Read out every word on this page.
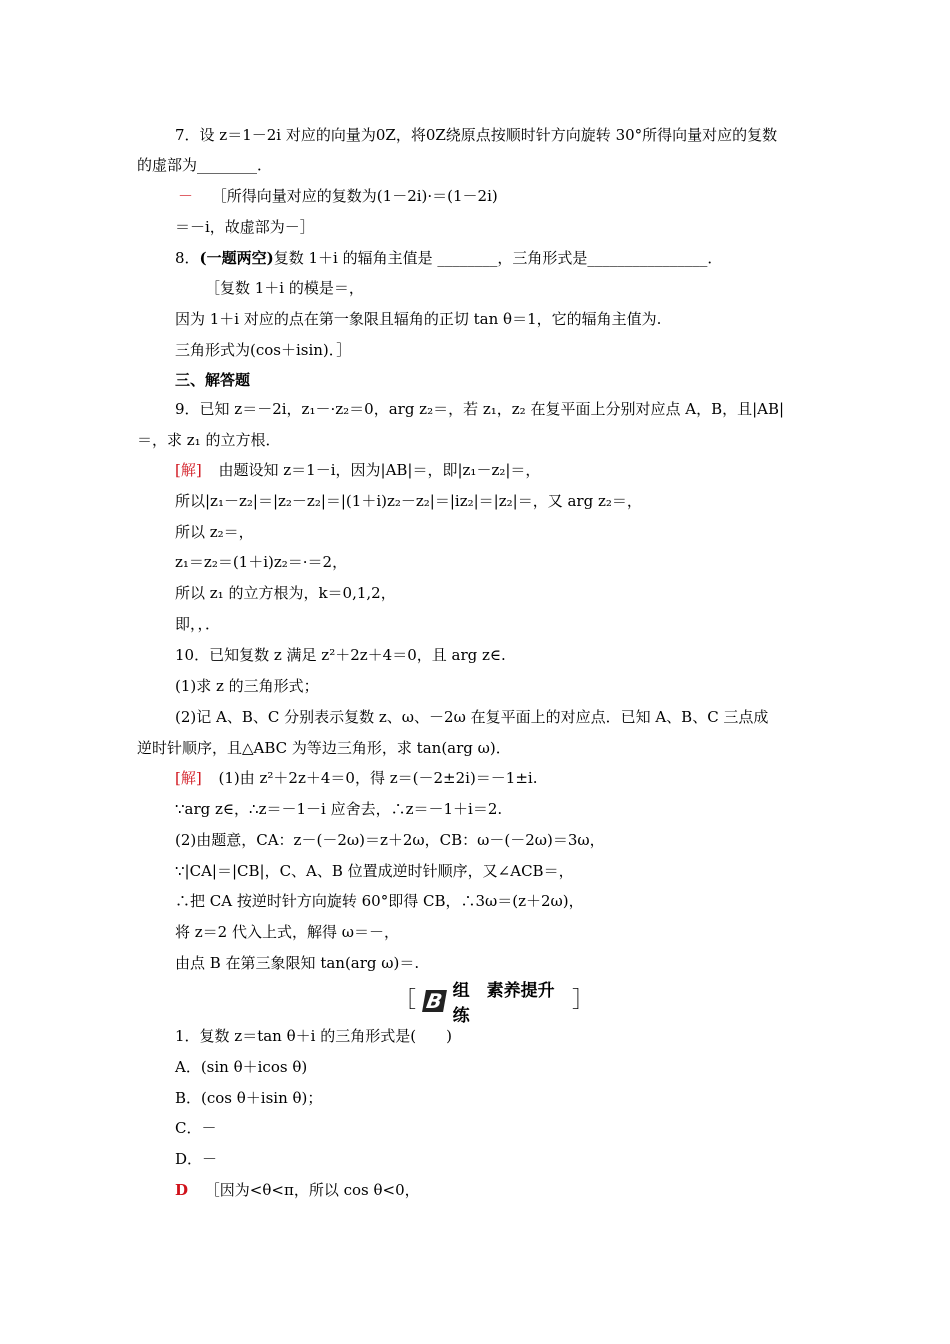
7．设 z＝1－2i 对应的向量为0Z，将0Z绕原点按顺时针方向旋转 30°所得向量对应的复数
的虚部为________．
－ ［所得向量对应的复数为(1－2i)·＝(1－2i)
＝－i，故虚部为－］
8．(一题两空)复数 1＋i 的辐角主值是 ________，三角形式是________________．
［复数 1＋i 的模是＝，
因为 1＋i 对应的点在第一象限且辐角的正切 tan θ＝1，它的辐角主值为.
三角形式为(cos＋isin)．］
三、解答题
9．已知 z＝－2i，z₁－·z₂＝0，arg z₂＝，若 z₁，z₂ 在复平面上分别对应点 A，B，且|AB|
＝，求 z₁ 的立方根．
[解] 由题设知 z＝1－i，因为|AB|＝，即|z₁－z₂|＝，
所以|z₁－z₂|＝|z₂－z₂|＝|(1＋i)z₂－z₂|＝|iz₂|＝|z₂|＝，又 arg z₂＝，
所以 z₂＝，
z₁＝z₂＝(1＋i)z₂＝·＝2，
所以 z₁ 的立方根为，k＝0,1,2，
即，，．
10．已知复数 z 满足 z²＋2z＋4＝0，且 arg z∈.
(1)求 z 的三角形式；
(2)记 A、B、C 分别表示复数 z、ω、－2ω 在复平面上的对应点．已知 A、B、C 三点成
逆时针顺序，且△ABC 为等边三角形，求 tan(arg ω)．
[解] (1)由 z²＋2z＋4＝0，得 z＝(－2±2i)＝－1±i.
∵arg z∈，∴z＝－1－i 应舍去，∴z＝－1＋i＝2.
(2)由题意，CA：z－(－2ω)＝z＋2ω，CB：ω－(－2ω)＝3ω，
∵|CA|＝|CB|，C、A、B 位置成逆时针顺序，又∠ACB＝，
∴把 CA 按逆时针方向旋转 60°即得 CB，∴3ω＝(z＋2ω)，
将 z＝2 代入上式，解得 ω＝－，
由点 B 在第三象限知 tan(arg ω)＝.
［ B 组　素养提升练
］
1．复数 z＝tan θ＋i 的三角形式是(　　)
A．(sin θ＋icos θ)
B．(cos θ＋isin θ)；
C．－
D．－
D ［因为<θ<π，所以 cos θ<0，
